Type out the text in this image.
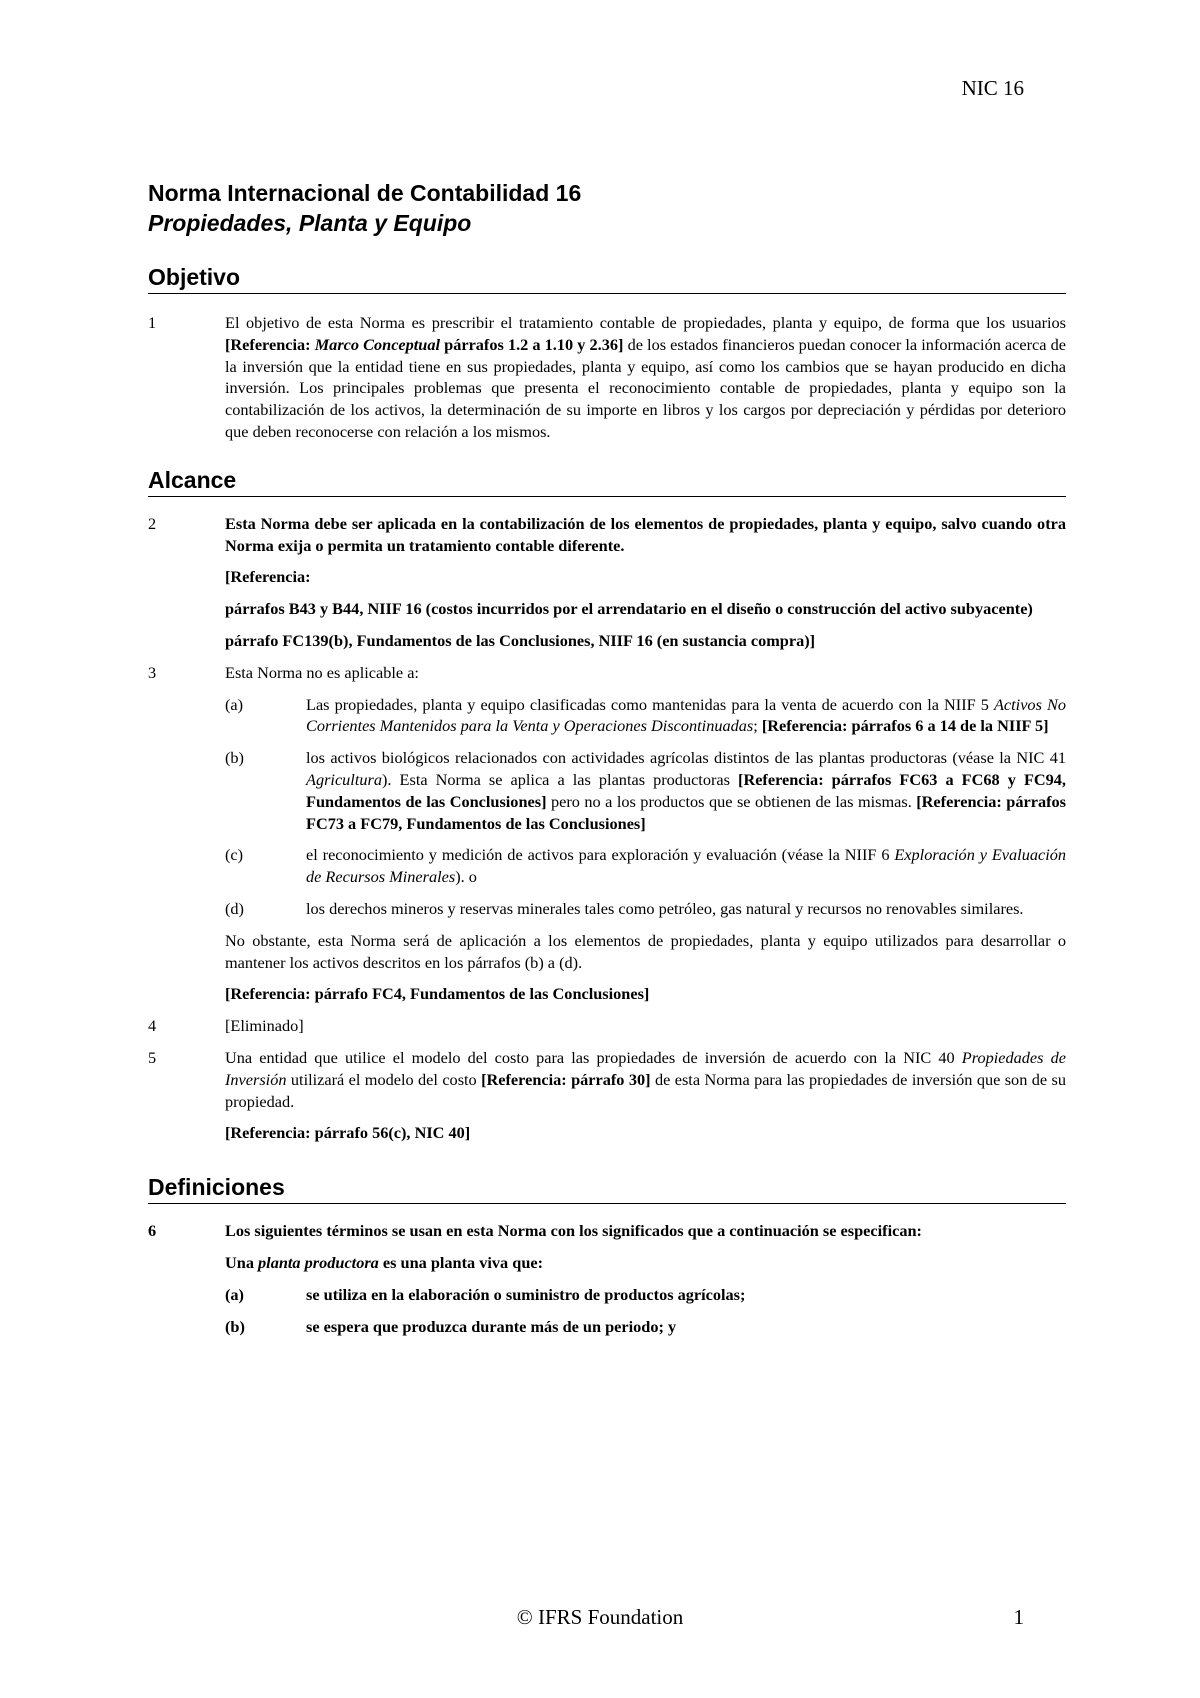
NIC 16
Norma Internacional de Contabilidad 16
Propiedades, Planta y Equipo
Objetivo
1	El objetivo de esta Norma es prescribir el tratamiento contable de propiedades, planta y equipo, de forma que los usuarios [Referencia: Marco Conceptual párrafos 1.2 a 1.10 y 2.36] de los estados financieros puedan conocer la información acerca de la inversión que la entidad tiene en sus propiedades, planta y equipo, así como los cambios que se hayan producido en dicha inversión. Los principales problemas que presenta el reconocimiento contable de propiedades, planta y equipo son la contabilización de los activos, la determinación de su importe en libros y los cargos por depreciación y pérdidas por deterioro que deben reconocerse con relación a los mismos.

Alcance
2	Esta Norma debe ser aplicada en la contabilización de los elementos de propiedades, planta y equipo, salvo cuando otra Norma exija o permita un tratamiento contable diferente.

[Referencia:

párrafos B43 y B44, NIIF 16 (costos incurridos por el arrendatario en el diseño o construcción del activo subyacente)

párrafo FC139(b), Fundamentos de las Conclusiones, NIIF 16 (en sustancia compra)]

3	Esta Norma no es aplicable a:

(a)	Las propiedades, planta y equipo clasificadas como mantenidas para la venta de acuerdo con la NIIF 5 Activos No Corrientes Mantenidos para la Venta y Operaciones Discontinuadas; [Referencia: párrafos 6 a 14 de la NIIF 5]
(b)	los activos biológicos relacionados con actividades agrícolas distintos de las plantas productoras (véase la NIC 41 Agricultura). Esta Norma se aplica a las plantas productoras [Referencia: párrafos FC63 a FC68 y FC94, Fundamentos de las Conclusiones] pero no a los productos que se obtienen de las mismas. [Referencia: párrafos FC73 a FC79, Fundamentos de las Conclusiones]
(c)	el reconocimiento y medición de activos para exploración y evaluación (véase la NIIF 6 Exploración y Evaluación de Recursos Minerales). o
(d)	los derechos mineros y reservas minerales tales como petróleo, gas natural y recursos no renovables similares.

No obstante, esta Norma será de aplicación a los elementos de propiedades, planta y equipo utilizados para desarrollar o mantener los activos descritos en los párrafos (b) a (d).

[Referencia: párrafo FC4, Fundamentos de las Conclusiones]

4	[Eliminado]

5	Una entidad que utilice el modelo del costo para las propiedades de inversión de acuerdo con la NIC 40 Propiedades de Inversión utilizará el modelo del costo [Referencia: párrafo 30] de esta Norma para las propiedades de inversión que son de su propiedad.

[Referencia: párrafo 56(c), NIC 40]

Definiciones
6	Los siguientes términos se usan en esta Norma con los significados que a continuación se especifican:

Una planta productora es una planta viva que:

(a)	se utiliza en la elaboración o suministro de productos agrícolas;
(b)	se espera que produzca durante más de un periodo; y
© IFRS Foundation	1
